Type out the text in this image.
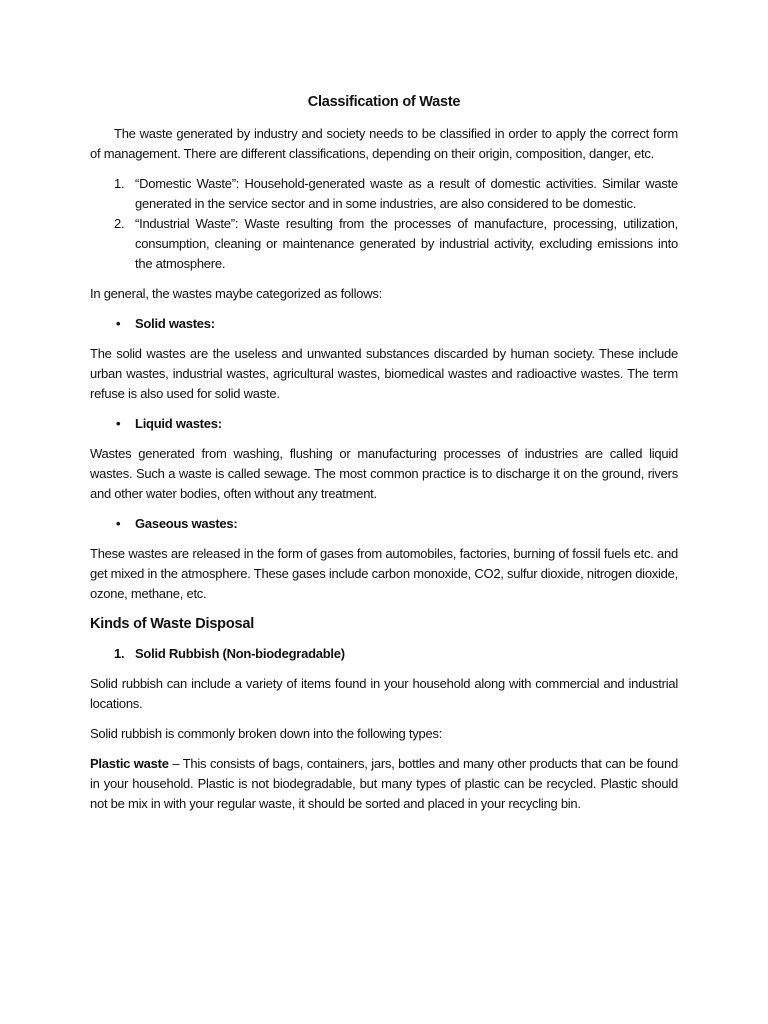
Classification of Waste

The waste generated by industry and society needs to be classified in order to apply the correct form of management. There are different classifications, depending on their origin, composition, danger, etc.

1. “Domestic Waste”: Household-generated waste as a result of domestic activities. Similar waste generated in the service sector and in some industries, are also considered to be domestic.
2. “Industrial Waste”: Waste resulting from the processes of manufacture, processing, utilization, consumption, cleaning or maintenance generated by industrial activity, excluding emissions into the atmosphere.

In general, the wastes maybe categorized as follows:

• Solid wastes:

The solid wastes are the useless and unwanted substances discarded by human society. These include urban wastes, industrial wastes, agricultural wastes, biomedical wastes and radioactive wastes. The term refuse is also used for solid waste.

• Liquid wastes:

Wastes generated from washing, flushing or manufacturing processes of industries are called liquid wastes. Such a waste is called sewage. The most common practice is to discharge it on the ground, rivers and other water bodies, often without any treatment.

• Gaseous wastes:

These wastes are released in the form of gases from automobiles, factories, burning of fossil fuels etc. and get mixed in the atmosphere. These gases include carbon monoxide, CO2, sulfur dioxide, nitrogen dioxide, ozone, methane, etc.

Kinds of Waste Disposal
1. Solid Rubbish (Non-biodegradable)

Solid rubbish can include a variety of items found in your household along with commercial and industrial locations.

Solid rubbish is commonly broken down into the following types:

Plastic waste – This consists of bags, containers, jars, bottles and many other products that can be found in your household. Plastic is not biodegradable, but many types of plastic can be recycled. Plastic should not be mix in with your regular waste, it should be sorted and placed in your recycling bin.
